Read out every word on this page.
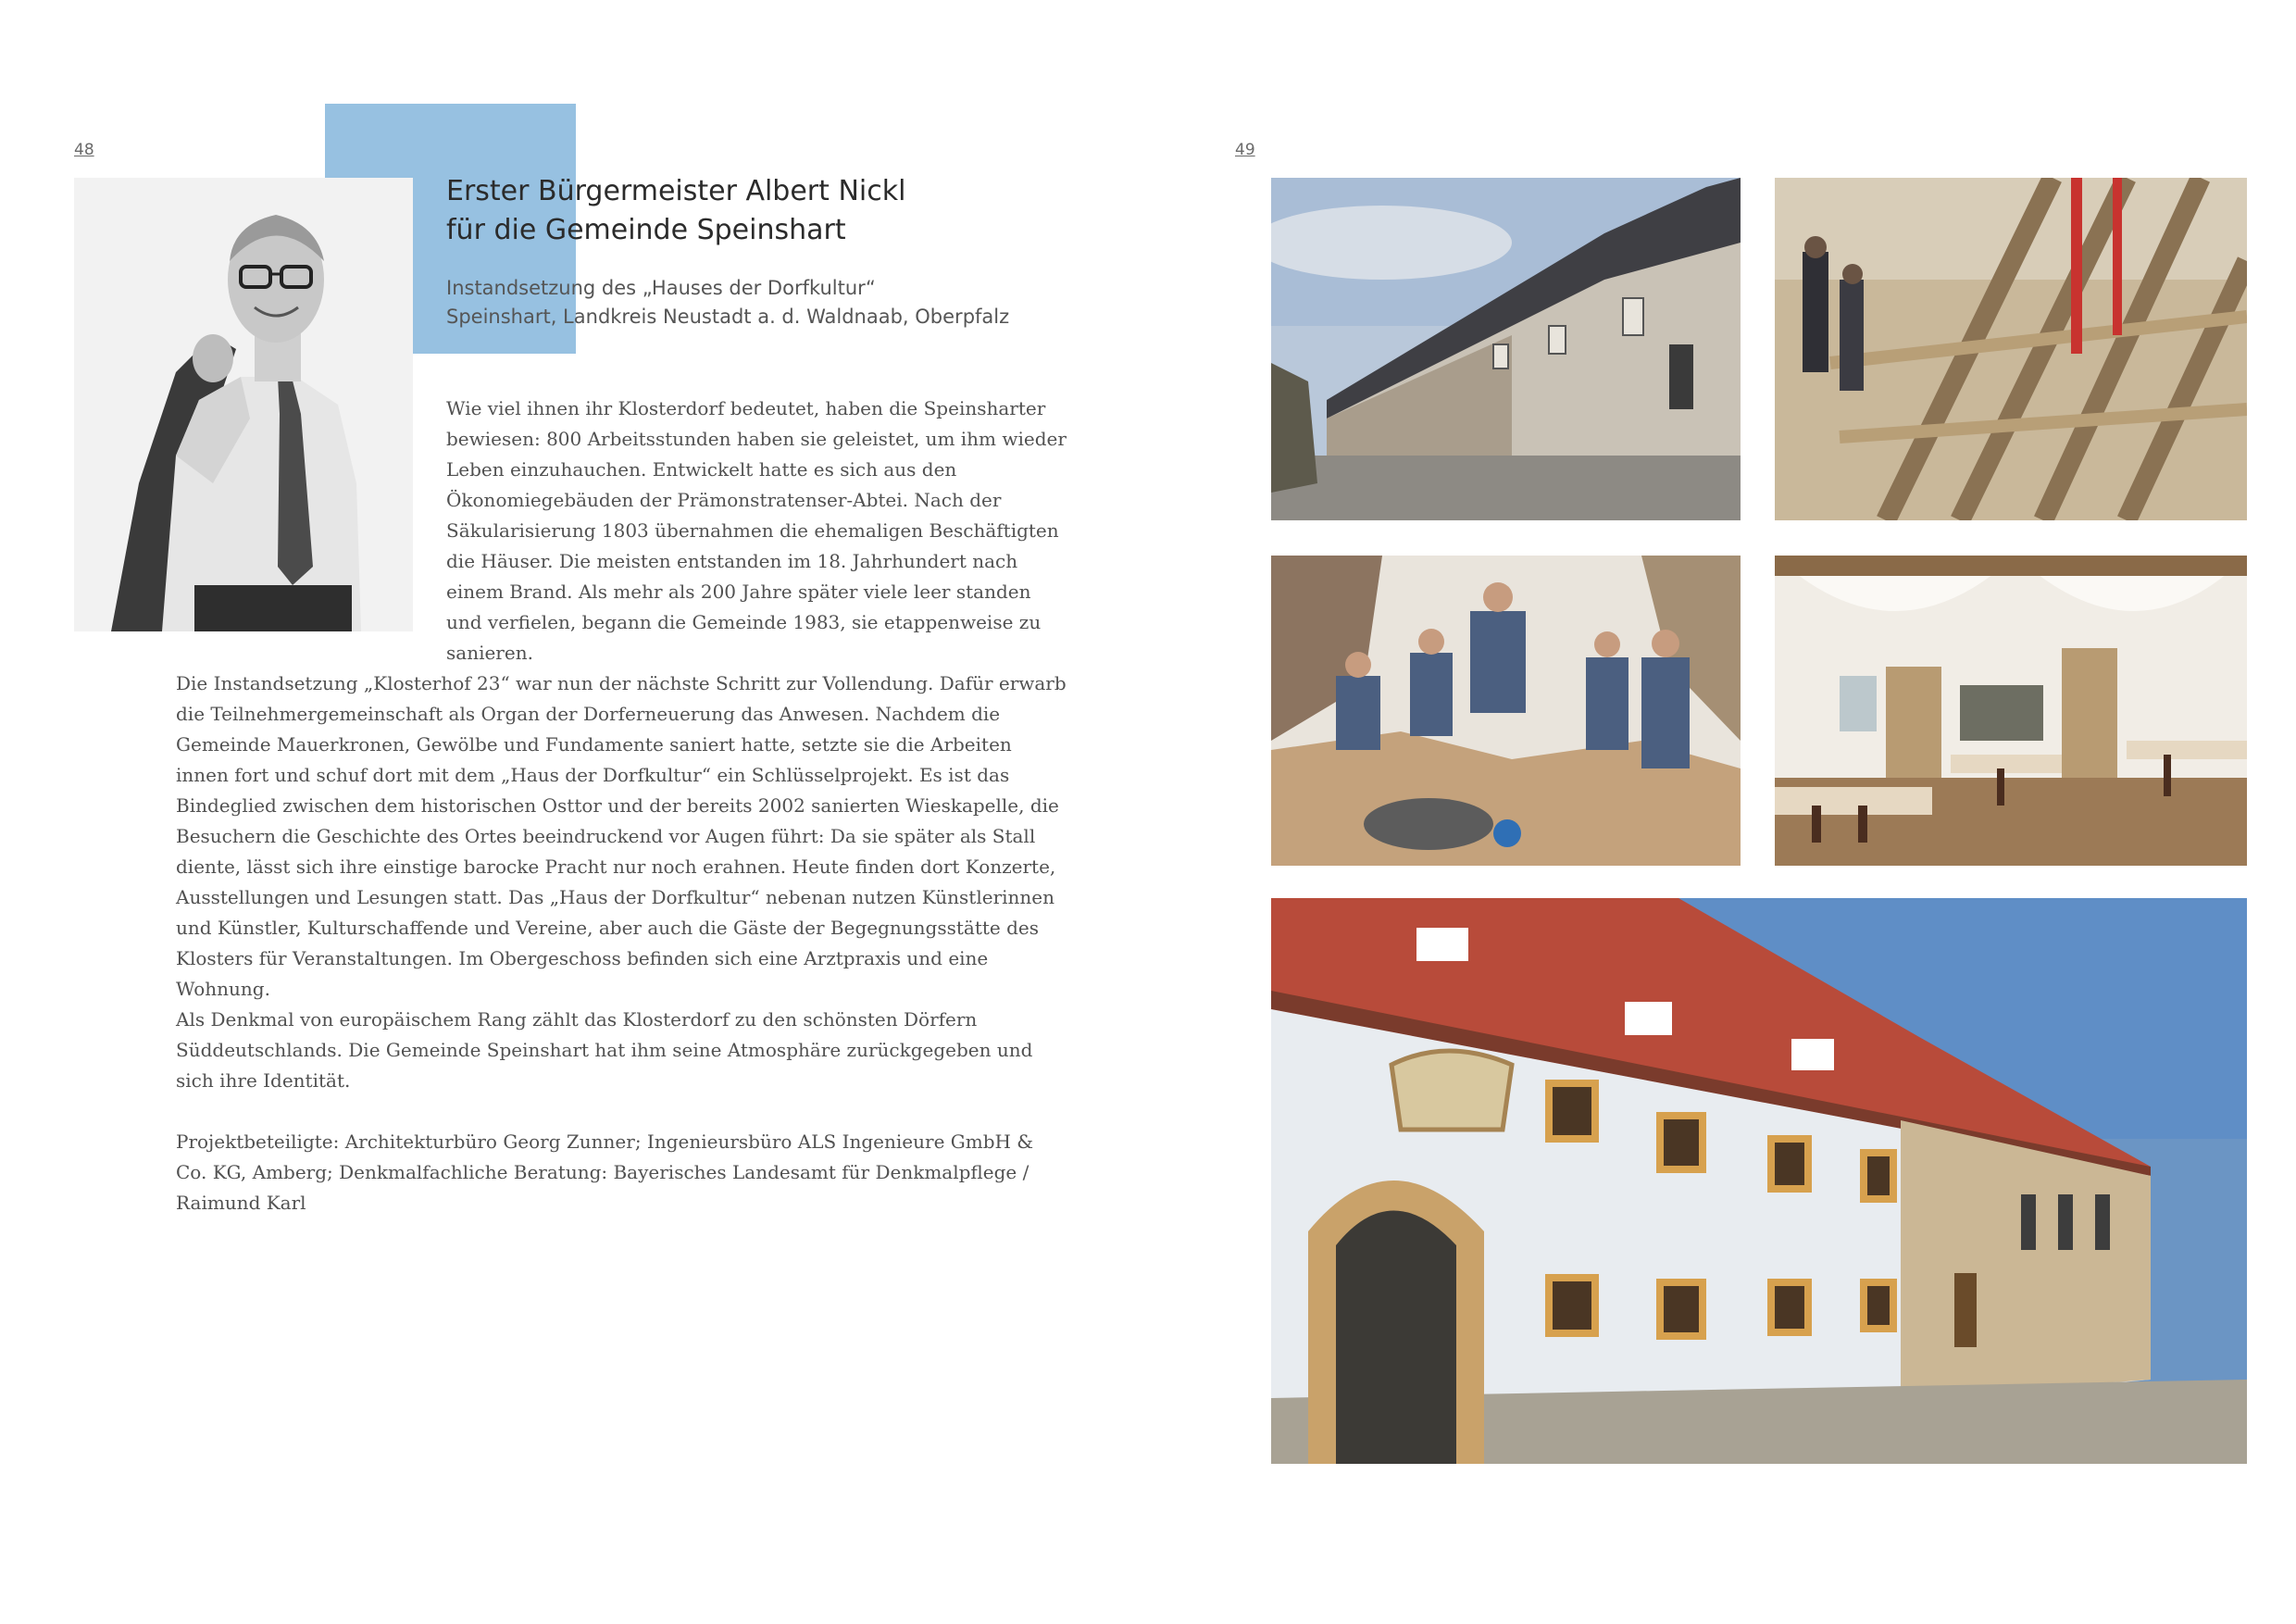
48
Erster Bürgermeister Albert Nickl
für die Gemeinde Speinshart
Instandsetzung des „Hauses der Dorfkultur“
Speinshart, Landkreis Neustadt a. d. Waldnaab, Oberpfalz

Wie viel ihnen ihr Klosterdorf bedeutet, haben die Speinsharter bewiesen: 800 Arbeitsstunden haben sie geleistet, um ihm wieder Leben einzuhauchen. Entwickelt hatte es sich aus den Ökonomiegebäuden der Prämonstratenser-Abtei. Nach der Säkularisierung 1803 übernahmen die ehemaligen Beschäftigten die Häuser. Die meisten entstanden im 18. Jahrhundert nach einem Brand. Als mehr als 200 Jahre später viele leer standen und verfielen, begann die Gemeinde 1983, sie etappenweise zu sanieren.

Die Instandsetzung „Klosterhof 23“ war nun der nächste Schritt zur Vollendung. Dafür erwarb die Teilnehmergemeinschaft als Organ der Dorferneuerung das Anwesen. Nachdem die Gemeinde Mauerkronen, Gewölbe und Fundamente saniert hatte, setzte sie die Arbeiten innen fort und schuf dort mit dem „Haus der Dorfkultur“ ein Schlüsselprojekt. Es ist das Bindeglied zwischen dem historischen Osttor und der bereits 2002 sanierten Wieskapelle, die Besuchern die Geschichte des Ortes beeindruckend vor Augen führt: Da sie später als Stall diente, lässt sich ihre einstige barocke Pracht nur noch erahnen. Heute finden dort Konzerte, Ausstellungen und Lesungen statt. Das „Haus der Dorfkultur“ nebenan nutzen Künstlerinnen und Künstler, Kulturschaffende und Vereine, aber auch die Gäste der Begegnungsstätte des Klosters für Veranstaltungen. Im Obergeschoss befinden sich eine Arztpraxis und eine Wohnung.

Als Denkmal von europäischem Rang zählt das Klosterdorf zu den schönsten Dörfern Süddeutschlands. Die Gemeinde Speinshart hat ihm seine Atmosphäre zurückgegeben und sich ihre Identität.

Projektbeteiligte: Architekturbüro Georg Zunner; Ingenieursbüro ALS Ingenieure GmbH & Co. KG, Amberg; Denkmalfachliche Beratung: Bayerisches Landesamt für Denkmalpflege / Raimund Karl

49
